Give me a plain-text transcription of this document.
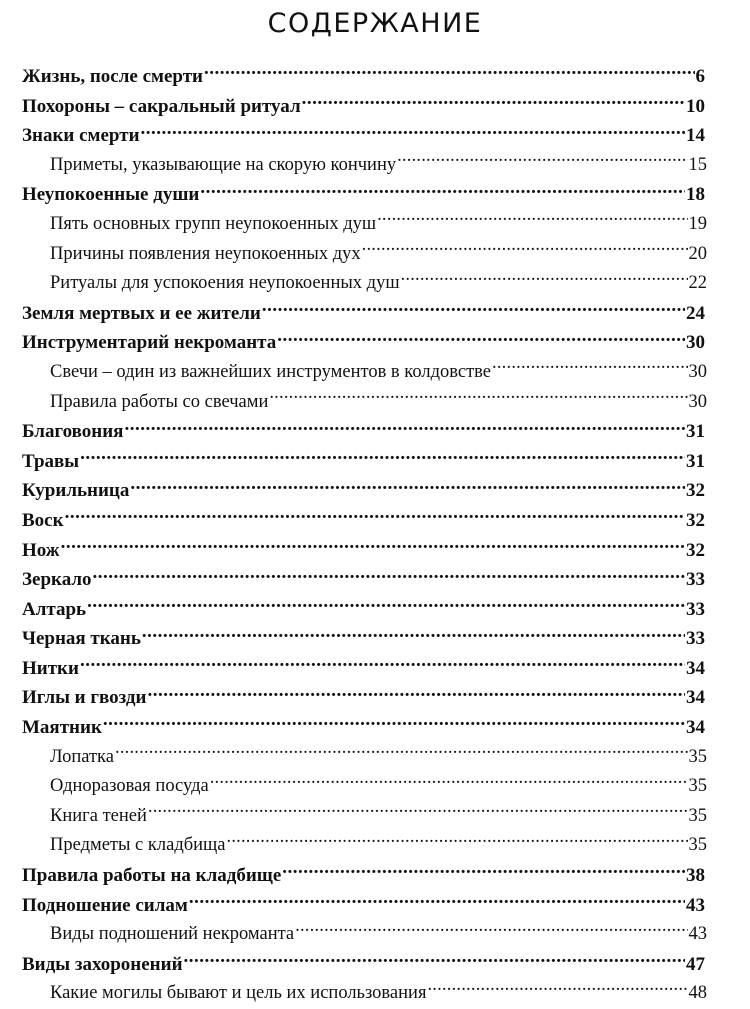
СОДЕРЖАНИЕ
Жизнь, после смерти .....	6
Похороны – сакральный ритуал .....	10
Знаки смерти .....	14
Приметы, указывающие на скорую кончину .....	15
Неупокоенные души .....	18
Пять основных групп неупокоенных душ .....	19
Причины появления неупокоенных дух .....	20
Ритуалы для успокоения неупокоенных душ .....	22
Земля мертвых и ее жители .....	24
Инструментарий некроманта .....	30
Свечи – один из важнейших инструментов в колдовстве .....	30
Правила работы со свечами .....	30
Благовония .....	31
Травы .....	31
Курильница .....	32
Воск .....	32
Нож .....	32
Зеркало .....	33
Алтарь .....	33
Черная ткань .....	33
Нитки .....	34
Иглы и гвозди .....	34
Маятник .....	34
Лопатка .....	35
Одноразовая посуда .....	35
Книга теней .....	35
Предметы с кладбища .....	35
Правила работы на кладбище .....	38
Подношение силам .....	43
Виды подношений некроманта .....	43
Виды захоронений .....	47
Какие могилы бывают и цель их использования .....	48
